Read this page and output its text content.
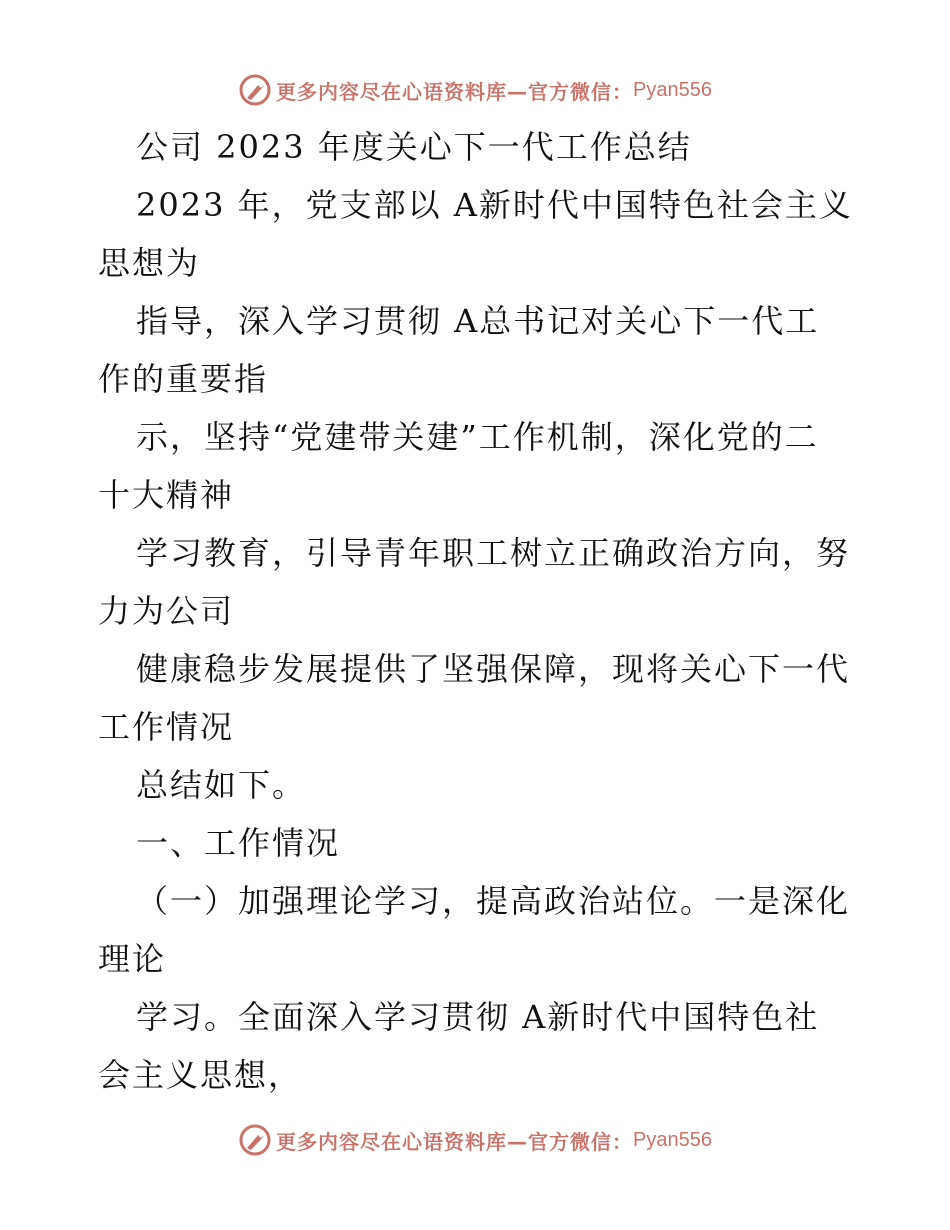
更多内容尽在心语资料库—官方微信： Pyan556
公司 2023 年度关心下一代工作总结
2023 年，党支部以 A新时代中国特色社会主义
思想为
指导，深入学习贯彻 A总书记对关心下一代工
作的重要指
示，坚持“党建带关建”工作机制，深化党的二
十大精神
学习教育，引导青年职工树立正确政治方向，努
力为公司
健康稳步发展提供了坚强保障，现将关心下一代
工作情况
总结如下。
一、工作情况
（一）加强理论学习，提高政治站位。一是深化
理论
学习。全面深入学习贯彻 A新时代中国特色社
会主义思想，
更多内容尽在心语资料库—官方微信： Pyan556
